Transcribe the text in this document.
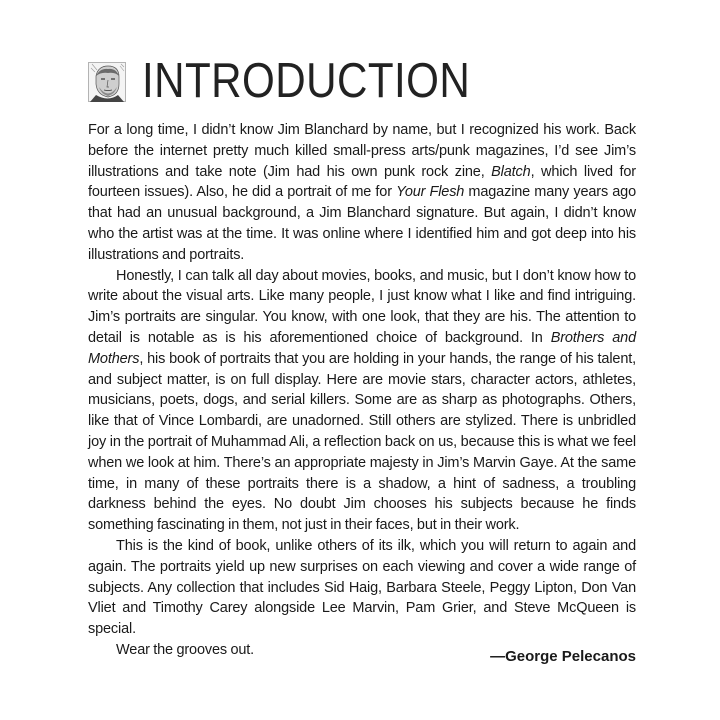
INTRODUCTION

For a long time, I didn’t know Jim Blanchard by name, but I recognized his work. Back before the internet pretty much killed small-press arts/punk magazines, I’d see Jim’s illustrations and take note (Jim had his own punk rock zine, Blatch, which lived for fourteen issues). Also, he did a portrait of me for Your Flesh magazine many years ago that had an unusual background, a Jim Blanchard signature. But again, I didn’t know who the artist was at the time. It was online where I identified him and got deep into his illustrations and portraits.

Honestly, I can talk all day about movies, books, and music, but I don’t know how to write about the visual arts. Like many people, I just know what I like and find intriguing. Jim’s portraits are singular. You know, with one look, that they are his. The attention to detail is notable as is his aforementioned choice of background. In Brothers and Mothers, his book of portraits that you are holding in your hands, the range of his talent, and subject matter, is on full display. Here are movie stars, character actors, athletes, musicians, poets, dogs, and serial killers. Some are as sharp as photographs. Others, like that of Vince Lombardi, are unadorned. Still others are stylized. There is unbridled joy in the portrait of Muhammad Ali, a reflection back on us, because this is what we feel when we look at him. There’s an appropriate majesty in Jim’s Marvin Gaye. At the same time, in many of these portraits there is a shadow, a hint of sadness, a troubling darkness behind the eyes. No doubt Jim chooses his subjects because he finds something fascinating in them, not just in their faces, but in their work.

This is the kind of book, unlike others of its ilk, which you will return to again and again. The portraits yield up new surprises on each viewing and cover a wide range of subjects. Any collection that includes Sid Haig, Barbara Steele, Peggy Lipton, Don Van Vliet and Timothy Carey alongside Lee Marvin, Pam Grier, and Steve McQueen is special.

Wear the grooves out.	—George Pelecanos
